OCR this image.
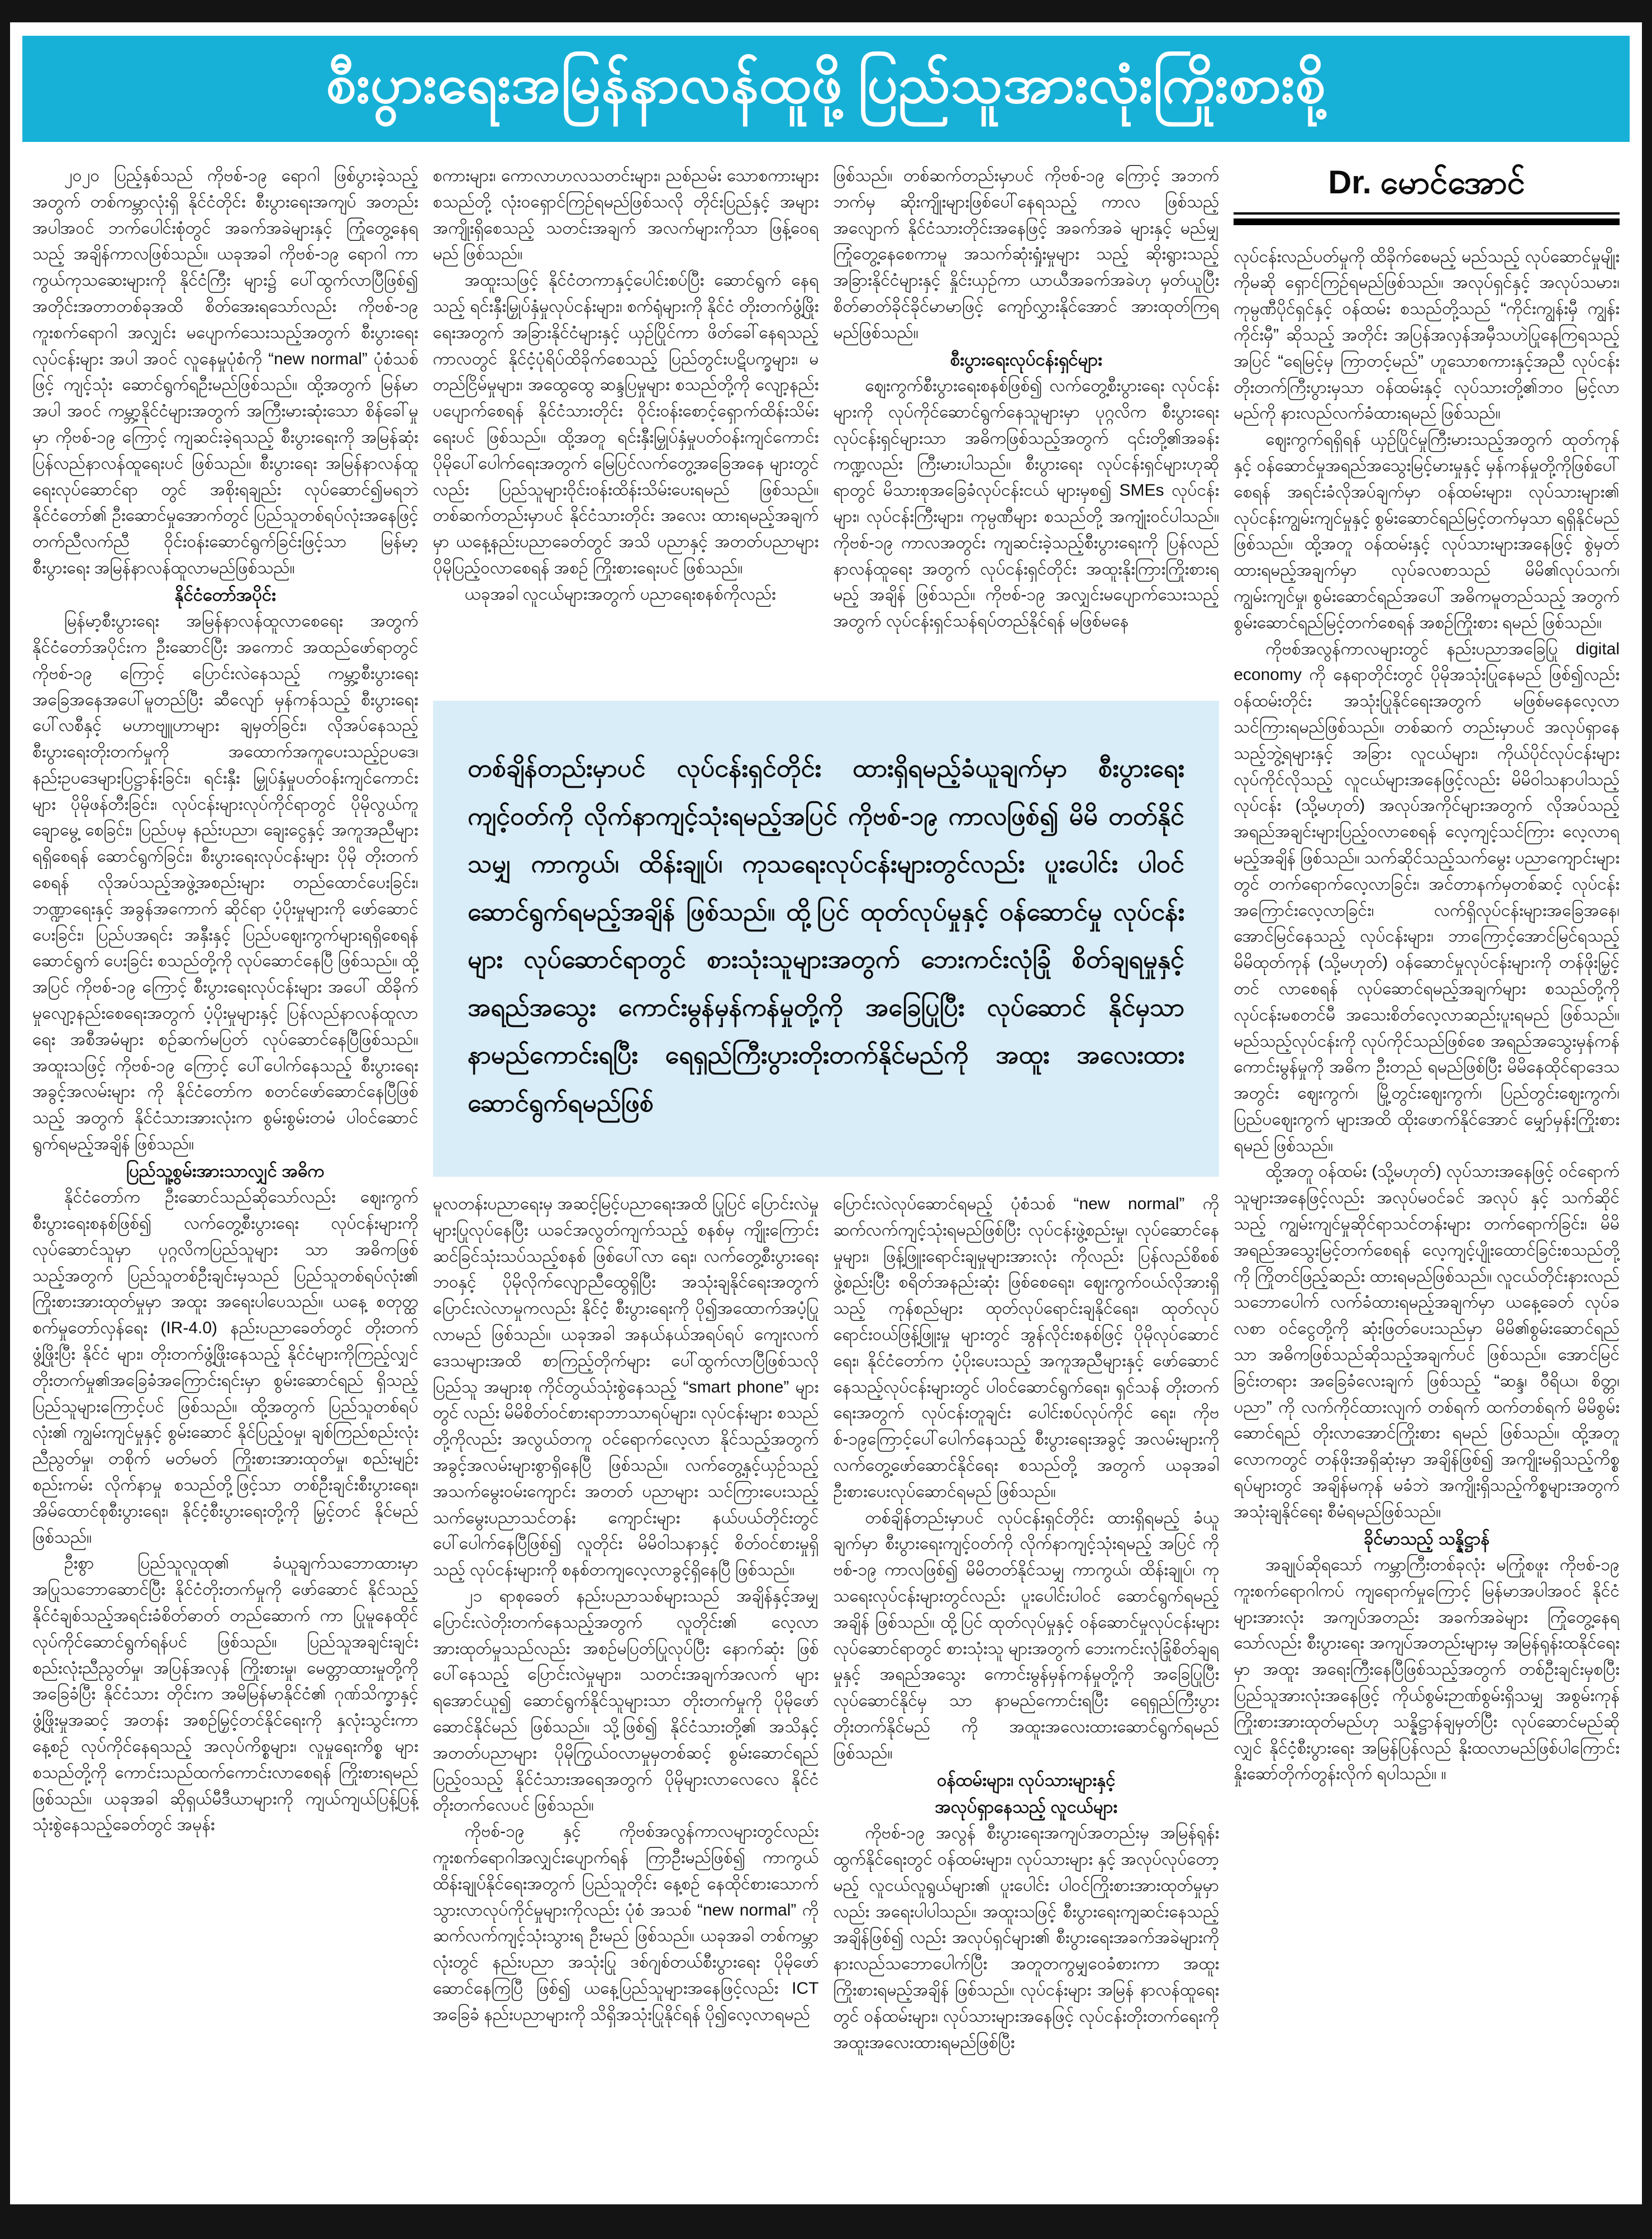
စီးပွားရေးအမြန်နာလန်ထူဖို့ ပြည်သူအားလုံးကြိုးစားစို့

၂၀၂၀ ပြည့်နှစ်သည် ကိုဗစ်-၁၉ ရောဂါ ဖြစ်ပွားခဲ့သည့် အတွက် တစ်ကမ္ဘာလုံးရှိ နိုင်ငံတိုင်း စီးပွားရေးအကျပ် အတည်း အပါအဝင် ဘက်ပေါင်းစုံတွင် အခက်အခဲများနှင့် ကြုံတွေ့နေရသည့် အချိန်ကာလဖြစ်သည်။ ယခုအခါ ကိုဗစ်-၁၉ ရောဂါ ကာကွယ်ကုသဆေးများကို နိုင်ငံကြီး များ၌ ပေါ်ထွက်လာပြီဖြစ်၍ အတိုင်းအတာတစ်ခုအထိ စိတ်အေးရသော်လည်း ကိုဗစ်-၁၉ ကူးစက်ရောဂါ အလျှင်း မပျောက်သေးသည့်အတွက် စီးပွားရေးလုပ်ငန်းများ အပါ အဝင် လူနေမှုပုံစံကို “new normal” ပုံစံသစ်ဖြင့် ကျင့်သုံး ဆောင်ရွက်ရဦးမည်ဖြစ်သည်။ ထို့အတွက် မြန်မာအပါ အဝင် ကမ္ဘာ့နိုင်ငံများအတွက် အကြီးမားဆုံးသော စိန်ခေါ်မှုမှာ ကိုဗစ်-၁၉ ကြောင့် ကျဆင်းခဲ့ရသည့် စီးပွားရေးကို အမြန်ဆုံး ပြန်လည်နာလန်ထူရေးပင် ဖြစ်သည်။ စီးပွားရေး အမြန်နာလန်ထူရေးလုပ်ဆောင်ရာ တွင် အစိုးရချည်း လုပ်ဆောင်၍မရဘဲ နိုင်ငံတော်၏ ဦးဆောင်မှုအောက်တွင် ပြည်သူတစ်ရပ်လုံးအနေဖြင့် တက်ညီလက်ညီ ဝိုင်းဝန်းဆောင်ရွက်ခြင်းဖြင့်သာ မြန်မာ့ စီးပွားရေး အမြန်နာလန်ထူလာမည်ဖြစ်သည်။

နိုင်ငံတော်အပိုင်း

မြန်မာ့စီးပွားရေး အမြန်နာလန်ထူလာစေရေး အတွက် နိုင်ငံတော်အပိုင်းက ဦးဆောင်ပြီး အကောင် အထည်ဖော်ရာတွင် ကိုဗစ်-၁၉ ကြောင့် ပြောင်းလဲနေသည့် ကမ္ဘာ့စီးပွားရေးအခြေအနေအပေါ်မူတည်ပြီး ဆီလျော် မှန်ကန်သည့် စီးပွားရေးပေါ်လစီနှင့် မဟာဗျူဟာများ ချမှတ်ခြင်း၊ လိုအပ်နေသည့် စီးပွားရေးတိုးတက်မှုကို အထောက်အကူပေးသည့်ဥပဒေ၊ နည်းဥပဒေများပြဋ္ဌာန်းခြင်း၊ ရင်းနှီး မြှုပ်နှံမှုပတ်ဝန်းကျင်ကောင်းများ ပိုမိုဖန်တီးခြင်း၊ လုပ်ငန်းများလုပ်ကိုင်ရာတွင် ပိုမိုလွယ်ကူချောမွေ့ စေခြင်း၊ ပြည်ပမှ နည်းပညာ၊ ချေးငွေနှင့် အကူအညီများ ရရှိစေရန် ဆောင်ရွက်ခြင်း၊ စီးပွားရေးလုပ်ငန်းများ ပိုမို တိုးတက်စေရန် လိုအပ်သည့်အဖွဲ့အစည်းများ တည်ထောင်ပေးခြင်း၊ ဘဏ္ဍာရေးနှင့် အခွန်အကောက် ဆိုင်ရာ ပံ့ပိုးမှုများကို ဖော်ဆောင်ပေးခြင်း၊ ပြည်ပအရင်း အနှီးနှင့် ပြည်ပဈေးကွက်များရရှိစေရန် ဆောင်ရွက် ပေးခြင်း စသည်တို့ကို လုပ်ဆောင်နေပြီ ဖြစ်သည်။ ထို့အပြင် ကိုဗစ်-၁၉ ကြောင့် စီးပွားရေးလုပ်ငန်းများ အပေါ် ထိခိုက်မှုလျော့နည်းစေရေးအတွက် ပံ့ပိုးမှုများနှင့် ပြန်လည်နာလန်ထူလာရေး အစီအမံများ စဉ်ဆက်မပြတ် လုပ်ဆောင်နေပြီဖြစ်သည်။ အထူးသဖြင့် ကိုဗစ်-၁၉ ကြောင့် ပေါ်ပေါက်နေသည့် စီးပွားရေးအခွင့်အလမ်းများ ကို နိုင်ငံတော်က စတင်ဖော်ဆောင်နေပြီဖြစ်သည့် အတွက် နိုင်ငံသားအားလုံးက စွမ်းစွမ်းတမံ ပါဝင်ဆောင် ရွက်ရမည့်အချိန် ဖြစ်သည်။

ပြည်သူ့စွမ်းအားသာလျှင် အဓိက

နိုင်ငံတော်က ဦးဆောင်သည်ဆိုသော်လည်း ဈေးကွက်စီးပွားရေးစနစ်ဖြစ်၍ လက်တွေ့စီးပွားရေး လုပ်ငန်းများကို လုပ်ဆောင်သူမှာ ပုဂ္ဂလိကပြည်သူများ သာ အဓိကဖြစ်သည့်အတွက် ပြည်သူတစ်ဦးချင်းမှသည် ပြည်သူတစ်ရပ်လုံး၏ ကြိုးစားအားထုတ်မှုမှာ အထူး အရေးပါပေသည်။ ယနေ့ စတုတ္ထစက်မှုတော်လှန်ရေး (IR-4.0) နည်းပညာခေတ်တွင် တိုးတက်ဖွံ့ဖြိုးပြီး နိုင်ငံ များ၊ တိုးတက်ဖွံ့ဖြိုးနေသည့် နိုင်ငံများကိုကြည့်လျှင် တိုးတက်မှု၏အခြေခံအကြောင်းရင်းမှာ စွမ်းဆောင်ရည် ရှိသည့် ပြည်သူများကြောင့်ပင် ဖြစ်သည်။ ထို့အတွက် ပြည်သူတစ်ရပ်လုံး၏ ကျွမ်းကျင်မှုနှင့် စွမ်းဆောင် နိုင်ပြည့်ဝမှု၊ ချစ်ကြည်စည်းလုံးညီညွတ်မှု၊ တစိုက် မတ်မတ် ကြိုးစားအားထုတ်မှု၊ စည်းမျဉ်းစည်းကမ်း လိုက်နာမှု စသည်တို့ဖြင့်သာ တစ်ဦးချင်းစီးပွားရေး၊ အိမ်ထောင်စုစီးပွားရေး၊ နိုင်ငံ့စီးပွားရေးတို့ကို မြှင့်တင် နိုင်မည်ဖြစ်သည်။

ဦးစွာ ပြည်သူလူထု၏ ခံယူချက်သဘောထားမှာ အပြုသဘောဆောင်ပြီး နိုင်ငံတိုးတက်မှုကို ဖော်ဆောင် နိုင်သည့် နိုင်ငံချစ်သည့်အရင်းခံစိတ်ဓာတ် တည်ဆောက် ကာ ပြုမူနေထိုင်လုပ်ကိုင်ဆောင်ရွက်ရန်ပင် ဖြစ်သည်။ ပြည်သူအချင်းချင်း စည်းလုံးညီညွတ်မှု၊ အပြန်အလှန် ကြိုးစားမှု၊ မေတ္တာထားမှုတို့ကို အခြေခံပြီး နိုင်ငံသား တိုင်းက အမိမြန်မာနိုင်ငံ၏ ဂုဏ်သိက္ခာနှင့် ဖွံ့ဖြိုးမှုအဆင့် အတန်း အစဉ်မြှင့်တင်နိုင်ရေးကို နှလုံးသွင်းကာ နေ့စဉ် လုပ်ကိုင်နေရသည့် အလုပ်ကိစ္စများ၊ လူမှုရေးကိစ္စ များ စသည်တို့ကို ကောင်းသည်ထက်ကောင်းလာစေရန် ကြိုးစားရမည် ဖြစ်သည်။ ယခုအခါ ဆိုရှယ်မီဒီယာများကို ကျယ်ကျယ်ပြန့်ပြန့် သုံးစွဲနေသည့်ခေတ်တွင် အမုန်း

စကားများ၊ ကောလာဟလသတင်းများ၊ ညစ်ညမ်း သောစကားများ စသည်တို့ လုံးဝရှောင်ကြဉ်ရမည်ဖြစ်သလို တိုင်းပြည်နှင့် အများအကျိုးရှိစေသည့် သတင်းအချက် အလက်များကိုသာ ဖြန့်ဝေရမည် ဖြစ်သည်။

အထူးသဖြင့် နိုင်ငံတကာနှင့်ပေါင်းစပ်ပြီး ဆောင်ရွက် နေရသည့် ရင်းနှီးမြှုပ်နှံမှုလုပ်ငန်းများ၊ စက်ရုံများကို နိုင်ငံ တိုးတက်ဖွံ့ဖြိုးရေးအတွက် အခြားနိုင်ငံများနှင့် ယှဉ်ပြိုင်ကာ ဖိတ်ခေါ်နေရသည့်ကာလတွင် နိုင်ငံ့ပုံရိပ်ထိခိုက်စေသည့် ပြည်တွင်းပဋိပက္ခများ၊ မတည်ငြိမ်မှုများ၊ အထွေထွေ ဆန္ဒပြမှုများ စသည်တို့ကို လျော့နည်းပပျောက်စေရန် နိုင်ငံသားတိုင်း ဝိုင်းဝန်းစောင့်ရှောက်ထိန်းသိမ်းရေးပင် ဖြစ်သည်။ ထို့အတူ ရင်းနှီးမြှုပ်နှံမှုပတ်ဝန်းကျင်ကောင်း ပိုမိုပေါ်ပေါက်ရေးအတွက် မြေပြင်လက်တွေ့အခြေအနေ များတွင်လည်း ပြည်သူများဝိုင်းဝန်းထိန်းသိမ်းပေးရမည် ဖြစ်သည်။ တစ်ဆက်တည်းမှာပင် နိုင်ငံသားတိုင်း အလေး ထားရမည့်အချက်မှာ ယနေ့နည်းပညာခေတ်တွင် အသိ ပညာနှင့် အတတ်ပညာများ ပိုမိုပြည့်ဝလာစေရန် အစဉ် ကြိုးစားရေးပင် ဖြစ်သည်။

ယခုအခါ လူငယ်များအတွက် ပညာရေးစနစ်ကိုလည်း

မူလတန်းပညာရေးမှ အဆင့်မြင့်ပညာရေးအထိ ပြုပြင် ပြောင်းလဲမှုများပြုလုပ်နေပြီး ယခင်အလွတ်ကျက်သည့် စနစ်မှ ကျိုးကြောင်းဆင်ခြင်သုံးသပ်သည့်စနစ် ဖြစ်ပေါ်လာ ရေး၊ လက်တွေ့စီးပွားရေးဘဝနှင့် ပိုမိုလိုက်လျောညီထွေရှိပြီး အသုံးချနိုင်ရေးအတွက် ပြောင်းလဲလာမှုကလည်း နိုင်ငံ့ စီးပွားရေးကို ပို၍အထောက်အပံ့ပြုလာမည် ဖြစ်သည်။ ယခုအခါ အနယ်နယ်အရပ်ရပ် ကျေးလက်ဒေသများအထိ စာကြည့်တိုက်များ ပေါ်ထွက်လာပြီဖြစ်သလို ပြည်သူ အများစု ကိုင်တွယ်သုံးစွဲနေသည့် “smart phone” များတွင် လည်း မိမိစိတ်ဝင်စားရာဘာသာရပ်များ၊ လုပ်ငန်းများ စသည်တို့ကိုလည်း အလွယ်တကူ ဝင်ရောက်လေ့လာ နိုင်သည့်အတွက် အခွင့်အလမ်းများစွာရှိနေပြီ ဖြစ်သည်။ လက်တွေ့နှင့်ယှဉ်သည့် အသက်မွေးဝမ်းကျောင်း အတတ် ပညာများ သင်ကြားပေးသည့် သက်မွေးပညာသင်တန်း ကျောင်းများ နယ်ပယ်တိုင်းတွင် ပေါ်ပေါက်နေပြီဖြစ်၍ လူတိုင်း မိမိဝါသနာနှင့် စိတ်ဝင်စားမှုရှိသည့် လုပ်ငန်းများကို စနစ်တကျလေ့လာခွင့်ရှိနေပြီ ဖြစ်သည်။

၂၁ ရာစုခေတ် နည်းပညာသစ်များသည် အချိန်နှင့်အမျှ ပြောင်းလဲတိုးတက်နေသည့်အတွက် လူတိုင်း၏ လေ့လာ အားထုတ်မှုသည်လည်း အစဉ်မပြတ်ပြုလုပ်ပြီး နောက်ဆုံး ဖြစ်ပေါ်နေသည့် ပြောင်းလဲမှုများ၊ သတင်းအချက်အလက် များရအောင်ယူ၍ ဆောင်ရွက်နိုင်သူများသာ တိုးတက်မှုကို ပိုမိုဖော်ဆောင်နိုင်မည် ဖြစ်သည်။ သို့ဖြစ်၍ နိုင်ငံသားတို့၏ အသိနှင့်အတတ်ပညာများ ပိုမိုကြွယ်ဝလာမှုမှတစ်ဆင့် စွမ်းဆောင်ရည်ပြည့်ဝသည့် နိုင်ငံသားအရေအတွက် ပိုမိုများလာလေလေ နိုင်ငံတိုးတက်လေပင် ဖြစ်သည်။

ကိုဗစ်-၁၉ နှင့် ကိုဗစ်အလွန်ကာလများတွင်လည်း ကူးစက်ရောဂါအလျှင်းပျောက်ရန် ကြာဦးမည်ဖြစ်၍ ကာကွယ်ထိန်းချုပ်နိုင်ရေးအတွက် ပြည်သူတိုင်း နေ့စဉ် နေထိုင်စားသောက်သွားလာလုပ်ကိုင်မှုများကိုလည်း ပုံစံ အသစ် “new normal” ကို ဆက်လက်ကျင့်သုံးသွားရ ဦးမည် ဖြစ်သည်။ ယခုအခါ တစ်ကမ္ဘာလုံးတွင် နည်းပညာ အသုံးပြု ဒစ်ဂျစ်တယ်စီးပွားရေး ပိုမိုဖော်ဆောင်နေကြပြီ ဖြစ်၍ ယနေ့ပြည်သူများအနေဖြင့်လည်း ICT အခြေခံ နည်းပညာများကို သိရှိအသုံးပြုနိုင်ရန် ပို၍လေ့လာရမည်

ဖြစ်သည်။ တစ်ဆက်တည်းမှာပင် ကိုဗစ်-၁၉ ကြောင့် အဘက်ဘက်မှ ဆိုးကျိုးများဖြစ်ပေါ်နေရသည့် ကာလ ဖြစ်သည့်အလျောက် နိုင်ငံသားတိုင်းအနေဖြင့် အခက်အခဲ များနှင့် မည်မျှကြုံတွေ့နေစေကာမူ အသက်ဆုံးရှုံးမှုများ သည့် ဆိုးရွားသည့်အခြားနိုင်ငံများနှင့် နှိုင်းယှဉ်ကာ ယာယီအခက်အခဲဟု မှတ်ယူပြီး စိတ်ဓာတ်ခိုင်ခိုင်မာမာဖြင့် ကျော်လွှားနိုင်အောင် အားထုတ်ကြရမည်ဖြစ်သည်။

စီးပွားရေးလုပ်ငန်းရှင်များ

ဈေးကွက်စီးပွားရေးစနစ်ဖြစ်၍ လက်တွေ့စီးပွားရေး လုပ်ငန်းများကို လုပ်ကိုင်ဆောင်ရွက်နေသူများမှာ ပုဂ္ဂလိက စီးပွားရေးလုပ်ငန်းရှင်များသာ အဓိကဖြစ်သည့်အတွက် ၎င်းတို့၏အခန်းကဏ္ဍလည်း ကြီးမားပါသည်။ စီးပွားရေး လုပ်ငန်းရှင်များဟုဆိုရာတွင် မိသားစုအခြေခံလုပ်ငန်းငယ် များမှစ၍ SMEs လုပ်ငန်းများ၊ လုပ်ငန်းကြီးများ၊ ကုမ္ပဏီများ စသည်တို့ အကျုံးဝင်ပါသည်။ ကိုဗစ်-၁၉ ကာလအတွင်း ကျဆင်းခဲ့သည့်စီးပွားရေးကို ပြန်လည်နာလန်ထူရေး အတွက် လုပ်ငန်းရှင်တိုင်း အထူးနိုးကြားကြိုးစားရမည့် အချိန် ဖြစ်သည်။ ကိုဗစ်-၁၉ အလျှင်းမပျောက်သေးသည့် အတွက် လုပ်ငန်းရှင်သန်ရပ်တည်နိုင်ရန် မဖြစ်မနေ

ပြောင်းလဲလုပ်ဆောင်ရမည့် ပုံစံသစ် “new normal” ကို ဆက်လက်ကျင့်သုံးရမည်ဖြစ်ပြီး လုပ်ငန်းဖွဲ့စည်းမှု၊ လုပ်ဆောင်နေမှုများ၊ ဖြန့်ဖြူးရောင်းချမှုများအားလုံး ကိုလည်း ပြန်လည်စိစစ်ဖွဲ့စည်းပြီး စရိတ်အနည်းဆုံး ဖြစ်စေရေး၊ ဈေးကွက်ဝယ်လိုအားရှိသည့် ကုန်စည်များ ထုတ်လုပ်ရောင်းချနိုင်ရေး၊ ထုတ်လုပ်ရောင်းဝယ်ဖြန့်ဖြူးမှု များတွင် အွန်လိုင်းစနစ်ဖြင့် ပိုမိုလုပ်ဆောင်ရေး၊ နိုင်ငံတော်က ပံ့ပိုးပေးသည့် အကူအညီများနှင့် ဖော်ဆောင် နေသည့်လုပ်ငန်းများတွင် ပါဝင်ဆောင်ရွက်ရေး၊ ရှင်သန် တိုးတက်ရေးအတွက် လုပ်ငန်းတူချင်း ပေါင်းစပ်လုပ်ကိုင် ရေး၊ ကိုဗစ်-၁၉ကြောင့်ပေါ်ပေါက်နေသည့် စီးပွားရေးအခွင့် အလမ်းများကို လက်တွေ့ဖော်ဆောင်နိုင်ရေး စသည်တို့ အတွက် ယခုအခါ ဦးစားပေးလုပ်ဆောင်ရမည် ဖြစ်သည်။

တစ်ချိန်တည်းမှာပင် လုပ်ငန်းရှင်တိုင်း ထားရှိရမည့် ခံယူချက်မှာ စီးပွားရေးကျင့်ဝတ်ကို လိုက်နာကျင့်သုံးရမည့် အပြင် ကိုဗစ်-၁၉ ကာလဖြစ်၍ မိမိတတ်နိုင်သမျှ ကာကွယ်၊ ထိန်းချုပ်၊ ကုသရေးလုပ်ငန်းများတွင်လည်း ပူးပေါင်းပါဝင် ဆောင်ရွက်ရမည့်အချိန် ဖြစ်သည်။ ထို့ပြင် ထုတ်လုပ်မှုနှင့် ဝန်ဆောင်မှုလုပ်ငန်းများ လုပ်ဆောင်ရာတွင် စားသုံးသူ များအတွက် ဘေးကင်းလုံခြုံစိတ်ချရမှုနှင့် အရည်အသွေး ကောင်းမွန်မှန်ကန်မှုတို့ကို အခြေပြုပြီး လုပ်ဆောင်နိုင်မှ သာ နာမည်ကောင်းရပြီး ရေရှည်ကြီးပွားတိုးတက်နိုင်မည် ကို အထူးအလေးထားဆောင်ရွက်ရမည် ဖြစ်သည်။

ဝန်ထမ်းများ၊ လုပ်သားများနှင့်
အလုပ်ရှာနေသည့် လူငယ်များ

ကိုဗစ်-၁၉ အလွန် စီးပွားရေးအကျပ်အတည်းမှ အမြန်ရုန်းထွက်နိုင်ရေးတွင် ဝန်ထမ်းများ၊ လုပ်သားများ နှင့် အလုပ်လုပ်တော့မည့် လူငယ်လူရွယ်များ၏ ပူးပေါင်း ပါဝင်ကြိုးစားအားထုတ်မှုမှာလည်း အရေးပါပါသည်။ အထူးသဖြင့် စီးပွားရေးကျဆင်းနေသည့်အချိန်ဖြစ်၍ လည်း အလုပ်ရှင်များ၏ စီးပွားရေးအခက်အခဲများကို နားလည်သဘောပေါက်ပြီး အတူတကွမျှဝေခံစားကာ အထူးကြိုးစားရမည့်အချိန် ဖြစ်သည်။ လုပ်ငန်းများ အမြန် နာလန်ထူရေးတွင် ဝန်ထမ်းများ၊ လုပ်သားများအနေဖြင့် လုပ်ငန်းတိုးတက်ရေးကို အထူးအလေးထားရမည်ဖြစ်ပြီး

Dr. မောင်အောင်

လုပ်ငန်းလည်ပတ်မှုကို ထိခိုက်စေမည့် မည်သည့် လုပ်ဆောင်မှုမျိုးကိုမဆို ရှောင်ကြဉ်ရမည်ဖြစ်သည်။ အလုပ်ရှင်နှင့် အလုပ်သမား၊ ကုမ္ပဏီပိုင်ရှင်နှင့် ဝန်ထမ်း စသည်တို့သည် “ကိုင်းကျွန်းမှီ ကျွန်းကိုင်းမှီ” ဆိုသည့် အတိုင်း အပြန်အလှန်အမှီသဟဲပြုနေကြရသည့်အပြင် “ရေမြင့်မှ ကြာတင့်မည်” ဟူသောစကားနှင့်အညီ လုပ်ငန်း တိုးတက်ကြီးပွားမှသာ ဝန်ထမ်းနှင့် လုပ်သားတို့၏ဘဝ မြင့်လာမည်ကို နားလည်လက်ခံထားရမည် ဖြစ်သည်။

ဈေးကွက်ရရှိရန် ယှဉ်ပြိုင်မှုကြီးမားသည့်အတွက် ထုတ်ကုန်နှင့် ဝန်ဆောင်မှုအရည်အသွေးမြင့်မားမှုနှင့် မှန်ကန်မှုတို့ကိုဖြစ်ပေါ်စေရန် အရင်းခံလိုအပ်ချက်မှာ ဝန်ထမ်းများ၊ လုပ်သားများ၏ လုပ်ငန်းကျွမ်းကျင်မှုနှင့် စွမ်းဆောင်ရည်မြင့်တက်မှသာ ရရှိနိုင်မည်ဖြစ်သည်။ ထို့အတူ ဝန်ထမ်းနှင့် လုပ်သားများအနေဖြင့် စွဲမှတ် ထားရမည့်အချက်မှာ လုပ်ခလစာသည် မိမိ၏လုပ်သက်၊ ကျွမ်းကျင်မှု၊ စွမ်းဆောင်ရည်အပေါ် အဓိကမူတည်သည့် အတွက် စွမ်းဆောင်ရည်မြင့်တက်စေရန် အစဉ်ကြိုးစား ရမည် ဖြစ်သည်။

ကိုဗစ်အလွန်ကာလများတွင် နည်းပညာအခြေပြု digital economy ကို နေရာတိုင်းတွင် ပိုမိုအသုံးပြုနေမည် ဖြစ်၍လည်း ဝန်ထမ်းတိုင်း အသုံးပြုနိုင်ရေးအတွက် မဖြစ်မနေလေ့လာသင်ကြားရမည်ဖြစ်သည်။ တစ်ဆက် တည်းမှာပင် အလုပ်ရှာနေသည့်ဘွဲ့ရများနှင့် အခြား လူငယ်များ၊ ကိုယ်ပိုင်လုပ်ငန်းများ လုပ်ကိုင်လိုသည့် လူငယ်များအနေဖြင့်လည်း မိမိဝါသနာပါသည့် လုပ်ငန်း (သို့မဟုတ်) အလုပ်အကိုင်များအတွက် လိုအပ်သည့် အရည်အချင်းများပြည့်ဝလာစေရန် လေ့ကျင့်သင်ကြား လေ့လာရမည့်အချိန် ဖြစ်သည်။ သက်ဆိုင်သည့်သက်မွေး ပညာကျောင်းများတွင် တက်ရောက်လေ့လာခြင်း၊ အင်တာနက်မှတစ်ဆင့် လုပ်ငန်းအကြောင်းလေ့လာခြင်း၊ လက်ရှိလုပ်ငန်းများအခြေအနေ၊ အောင်မြင်နေသည့် လုပ်ငန်းများ၊ ဘာကြောင့်အောင်မြင်ရသည့် မိမိထုတ်ကုန် (သို့မဟုတ်) ဝန်ဆောင်မှုလုပ်ငန်းများကို တန်ဖိုးမြှင့်တင် လာစေရန် လုပ်ဆောင်ရမည့်အချက်များ စသည်တို့ကို လုပ်ငန်းမစတင်မီ အသေးစိတ်လေ့လာဆည်းပူးရမည် ဖြစ်သည်။ မည်သည့်လုပ်ငန်းကို လုပ်ကိုင်သည်ဖြစ်စေ အရည်အသွေးမှန်ကန်ကောင်းမွန်မှုကို အဓိက ဦးတည် ရမည်ဖြစ်ပြီး မိမိနေထိုင်ရာဒေသအတွင်း ဈေးကွက်၊ မြို့တွင်းဈေးကွက်၊ ပြည်တွင်းဈေးကွက်၊ ပြည်ပဈေးကွက် များအထိ ထိုးဖောက်နိုင်အောင် မျှော်မှန်းကြိုးစားရမည် ဖြစ်သည်။

ထို့အတူ ဝန်ထမ်း (သို့မဟုတ်) လုပ်သားအနေဖြင့် ဝင်ရောက်သူများအနေဖြင့်လည်း အလုပ်မဝင်ခင် အလုပ် နှင့် သက်ဆိုင်သည့် ကျွမ်းကျင်မှုဆိုင်ရာသင်တန်းများ တက်ရောက်ခြင်း၊ မိမိအရည်အသွေးမြင့်တက်စေရန် လေ့ကျင့်ပျိုးထောင်ခြင်းစသည်တို့ကို ကြိုတင်ဖြည့်ဆည်း ထားရမည်ဖြစ်သည်။ လူငယ်တိုင်းနားလည်သဘောပေါက် လက်ခံထားရမည့်အချက်မှာ ယနေ့ခေတ် လုပ်ခလစာ ဝင်ငွေတို့ကို ဆုံးဖြတ်ပေးသည်မှာ မိမိ၏စွမ်းဆောင်ရည် သာ အဓိကဖြစ်သည်ဆိုသည့်အချက်ပင် ဖြစ်သည်။ အောင်မြင်ခြင်းတရား အခြေခံလေးချက် ဖြစ်သည့် “ဆန္ဒ၊ ဝီရိယ၊ စိတ္တ၊ ပညာ” ကို လက်ကိုင်ထားလျက် တစ်ရက် ထက်တစ်ရက် မိမိစွမ်းဆောင်ရည် တိုးလာအောင်ကြိုးစား ရမည် ဖြစ်သည်။ ထို့အတူ လောကတွင် တန်ဖိုးအရှိဆုံးမှာ အချိန်ဖြစ်၍ အကျိုးမရှိသည့်ကိစ္စရပ်များတွင် အချိန်မကုန် မခံဘဲ အကျိုးရှိသည့်ကိစ္စများအတွက် အသုံးချနိုင်ရေး စီမံရမည်ဖြစ်သည်။

ခိုင်မာသည့် သန္နိဋ္ဌာန်

အချုပ်ဆိုရသော် ကမ္ဘာကြီးတစ်ခုလုံး မကြုံစဖူး ကိုဗစ်-၁၉ ကူးစက်ရောဂါကပ် ကျရောက်မှုကြောင့် မြန်မာအပါအဝင် နိုင်ငံများအားလုံး အကျပ်အတည်း အခက်အခဲများ ကြုံတွေ့နေရသော်လည်း စီးပွားရေး အကျပ်အတည်းများမှ အမြန်ရုန်းထနိုင်ရေးမှာ အထူး အရေးကြီးနေပြီဖြစ်သည့်အတွက် တစ်ဦးချင်းမှစပြီး ပြည်သူအားလုံးအနေဖြင့် ကိုယ်စွမ်းဉာဏ်စွမ်းရှိသမျှ အစွမ်းကုန်ကြိုးစားအားထုတ်မည်ဟု သန္နိဋ္ဌာန်ချမှတ်ပြီး လုပ်ဆောင်မည်ဆိုလျှင် နိုင်ငံ့စီးပွားရေး အမြန်ပြန်လည် နိုးထလာမည်ဖြစ်ပါကြောင်း နှိုးဆော်တိုက်တွန်းလိုက် ရပါသည်။ ။

တစ်ချိန်တည်းမှာပင် လုပ်ငန်းရှင်တိုင်း ထားရှိရမည့်ခံယူချက်မှာ စီးပွားရေး ကျင့်ဝတ်ကို လိုက်နာကျင့်သုံးရမည့်အပြင် ကိုဗစ်-၁၉ ကာလဖြစ်၍ မိမိ တတ်နိုင်သမျှ ကာကွယ်၊ ထိန်းချုပ်၊ ကုသရေးလုပ်ငန်းများတွင်လည်း ပူးပေါင်း ပါဝင် ဆောင်ရွက်ရမည့်အချိန် ဖြစ်သည်။ ထို့ပြင် ထုတ်လုပ်မှုနှင့် ဝန်ဆောင်မှု လုပ်ငန်းများ လုပ်ဆောင်ရာတွင် စားသုံးသူများအတွက် ဘေးကင်းလုံခြုံ စိတ်ချရမှုနှင့် အရည်အသွေး ကောင်းမွန်မှန်ကန်မှုတို့ကို အခြေပြုပြီး လုပ်ဆောင် နိုင်မှသာ နာမည်ကောင်းရပြီး ရေရှည်ကြီးပွားတိုးတက်နိုင်မည်ကို အထူး အလေးထား ဆောင်ရွက်ရမည်ဖြစ်
